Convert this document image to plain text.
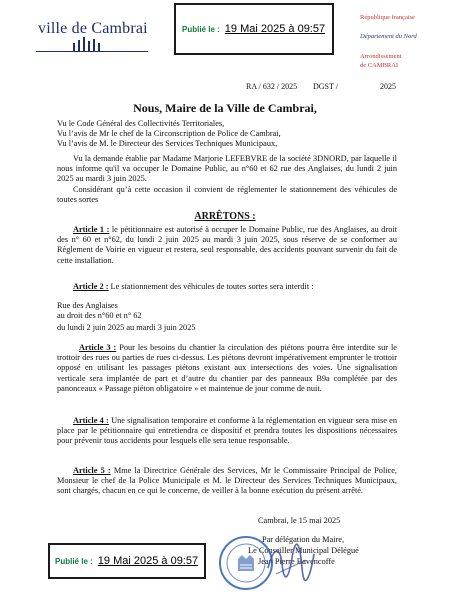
ville de Cambrai	Publié le : 19 Mai 2025 à 09:57
République française
Département du Nord
Arrondissement
de CAMBRAI
RA / 632 / 2025 DGST /	2025
Nous, Maire de la Ville de Cambrai,
Vu le Code Général des Collectivités Territoriales,
Vu l’avis de Mr le chef de la Circonscription de Police de Cambrai,
Vu l’avis de M. le Directeur des Services Techniques Municipaux,
Vu la demande établie par Madame Marjorie LEFEBVRE de la société 3DNORD, par laquelle il nous informe qu'il va occuper le Domaine Public, au n°60 et 62 rue des Anglaises, du lundi 2 juin 2025 au mardi 3 juin 2025.
Considérant qu’à cette occasion il convient de réglementer le stationnement des véhicules de toutes sortes
ARRÊTONS :
Article 1 : le pétitionnaire est autorisé à occuper le Domaine Public, rue des Anglaises, au droit des n° 60 et n°62, du lundi 2 juin 2025 au mardi 3 juin 2025, sous réserve de se conformer au Règlement de Voirie en vigueur et restera, seul responsable, des accidents pouvant survenir du fait de cette installation.
Article 2 : Le stationnement des véhicules de toutes sortes sera interdit :
Rue des Anglaises
au droit des n°60 et n° 62
du lundi 2 juin 2025 au mardi 3 juin 2025
Article 3 : Pour les besoins du chantier la circulation des piétons pourra être interdite sur le trottoir des rues ou parties de rues ci-dessus. Les piétons devront impérativement emprunter le trottoir opposé en utilisant les passages piétons existant aux intersections des voies. Une signalisation verticale sera implantée de part et d’autre du chantier par des panneaux B9a complétée par des panonceaux « Passage piéton obligatoire » et maintenue de jour comme de nuit.
Article 4 : Une signalisation temporaire et conforme à la réglementation en vigueur sera mise en place par le pétitionnaire qui entretiendra ce dispositif et prendra toutes les dispositions nécessaires pour prévenir tous accidents pour lesquels elle sera tenue responsable.
Article 5 : Mme la Directrice Générale des Services, Mr le Commissaire Principal de Police, Monsieur le chef de la Police Municipale et M. le Directeur des Services Techniques Municipaux, sont chargés, chacun en ce qui le concerne, de veiller à la bonne exécution du présent arrêté.
Cambrai, le 15 mai 2025
Par délégation du Maire,
Le Conseiller Municipal Délégué
Jean Pierre Bavencoffe
Publié le : 19 Mai 2025 à 09:57
